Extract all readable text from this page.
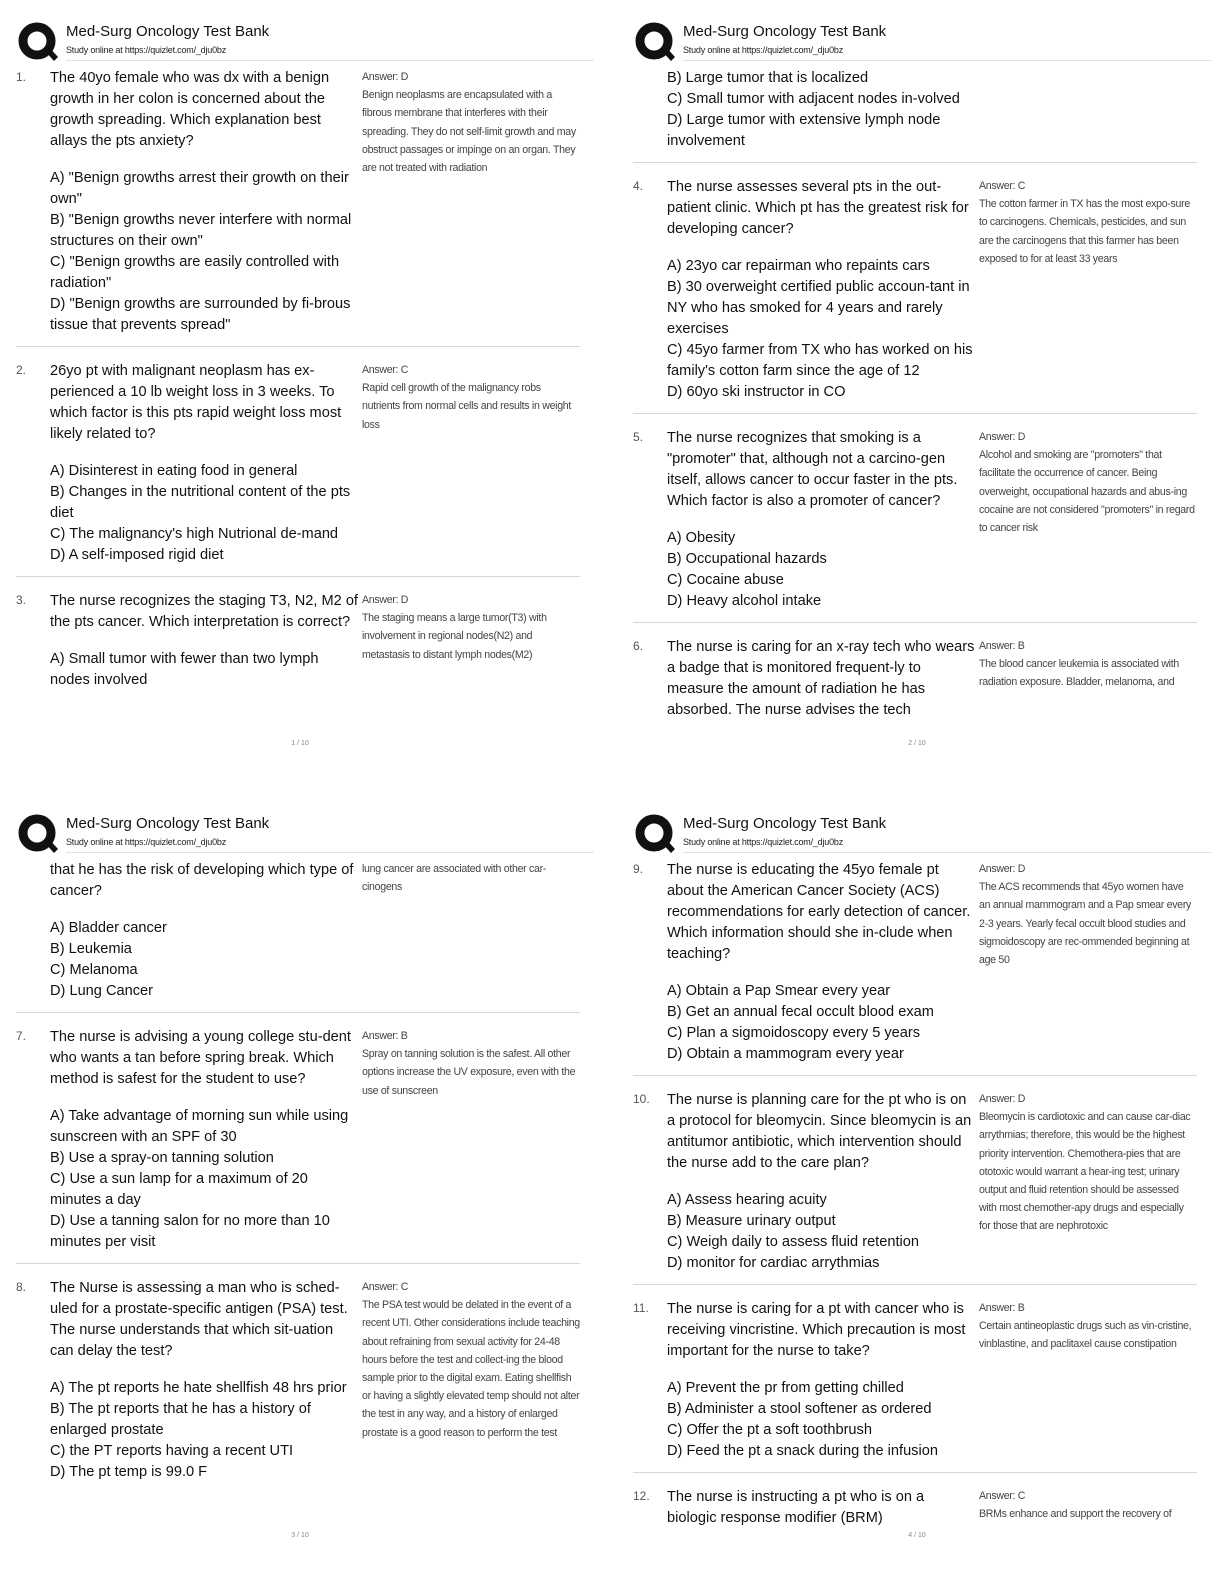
Med-Surg Oncology Test Bank
Study online at https://quizlet.com/_dju0bz
1.	The 40yo female who was dx with a benign growth in her colon is concerned about the growth spreading. Which explanation best allays the pts anxiety?
A) "Benign growths arrest their growth on their own"
B) "Benign growths never interfere with normal structures on their own"
C) "Benign growths are easily controlled with radiation"
D) "Benign growths are surrounded by fi-brous tissue that prevents spread"
Answer: D
Benign neoplasms are encapsulated with a fibrous membrane that interferes with their spreading. They do not self-limit growth and may obstruct passages or impinge on an organ. They are not treated with radiation
2.	26yo pt with malignant neoplasm has ex-perienced a 10 lb weight loss in 3 weeks. To which factor is this pts rapid weight loss most likely related to?
A) Disinterest in eating food in general
B) Changes in the nutritional content of the pts diet
C) The malignancy's high Nutrional de-mand
D) A self-imposed rigid diet
Answer: C
Rapid cell growth of the malignancy robs nutrients from normal cells and results in weight loss
3.	The nurse recognizes the staging T3, N2, M2 of the pts cancer. Which interpretation is correct?
A) Small tumor with fewer than two lymph nodes involved
Answer: D
The staging means a large tumor(T3) with involvement in regional nodes(N2) and metastasis to distant lymph nodes(M2)
1 / 10
Med-Surg Oncology Test Bank
Study online at https://quizlet.com/_dju0bz
B) Large tumor that is localized
C) Small tumor with adjacent nodes in-volved
D) Large tumor with extensive lymph node involvement
4.	The nurse assesses several pts in the out-patient clinic. Which pt has the greatest risk for developing cancer?
A) 23yo car repairman who repaints cars
B) 30 overweight certified public accoun-tant in NY who has smoked for 4 years and rarely exercises
C) 45yo farmer from TX who has worked on his family's cotton farm since the age of 12
D) 60yo ski instructor in CO
Answer: C
The cotton farmer in TX has the most expo-sure to carcinogens. Chemicals, pesticides, and sun are the carcinogens that this farmer has been exposed to for at least 33 years
5.	The nurse recognizes that smoking is a "promoter" that, although not a carcino-gen itself, allows cancer to occur faster in the pts. Which factor is also a promoter of cancer?
A) Obesity
B) Occupational hazards
C) Cocaine abuse
D) Heavy alcohol intake
Answer: D
Alcohol and smoking are "promoters" that facilitate the occurrence of cancer. Being overweight, occupational hazards and abus-ing cocaine are not considered "promoters" in regard to cancer risk
6.	The nurse is caring for an x-ray tech who wears a badge that is monitored frequent-ly to measure the amount of radiation he has absorbed. The nurse advises the tech
Answer: B
The blood cancer leukemia is associated with radiation exposure. Bladder, melanoma, and
2 / 10
Med-Surg Oncology Test Bank
Study online at https://quizlet.com/_dju0bz
that he has the risk of developing which type of cancer?
A) Bladder cancer
B) Leukemia
C) Melanoma
D) Lung Cancer
lung cancer are associated with other car-cinogens
7.	The nurse is advising a young college stu-dent who wants a tan before spring break. Which method is safest for the student to use?
A) Take advantage of morning sun while using sunscreen with an SPF of 30
B) Use a spray-on tanning solution
C) Use a sun lamp for a maximum of 20 minutes a day
D) Use a tanning salon for no more than 10 minutes per visit
Answer: B
Spray on tanning solution is the safest. All other options increase the UV exposure, even with the use of sunscreen
8.	The Nurse is assessing a man who is sched-uled for a prostate-specific antigen (PSA) test. The nurse understands that which sit-uation can delay the test?
A) The pt reports he hate shellfish 48 hrs prior
B) The pt reports that he has a history of enlarged prostate
C) the PT reports having a recent UTI
D) The pt temp is 99.0 F
Answer: C
The PSA test would be delated in the event of a recent UTI. Other considerations include teaching about refraining from sexual activity for 24-48 hours before the test and collect-ing the blood sample prior to the digital exam. Eating shellfish or having a slightly elevated temp should not alter the test in any way, and a history of enlarged prostate is a good reason to perform the test
3 / 10
Med-Surg Oncology Test Bank
Study online at https://quizlet.com/_dju0bz
9.	The nurse is educating the 45yo female pt about the American Cancer Society (ACS) recommendations for early detection of cancer. Which information should she in-clude when teaching?
A) Obtain a Pap Smear every year
B) Get an annual fecal occult blood exam
C) Plan a sigmoidoscopy every 5 years
D) Obtain a mammogram every year
Answer: D
The ACS recommends that 45yo women have an annual mammogram and a Pap smear every 2-3 years. Yearly fecal occult blood studies and sigmoidoscopy are rec-ommended beginning at age 50
10.	The nurse is planning care for the pt who is on a protocol for bleomycin. Since bleomycin is an antitumor antibiotic, which intervention should the nurse add to the care plan?
A) Assess hearing acuity
B) Measure urinary output
C) Weigh daily to assess fluid retention
D) monitor for cardiac arrythmias
Answer: D
Bleomycin is cardiotoxic and can cause car-diac arrythmias; therefore, this would be the highest priority intervention. Chemothera-pies that are ototoxic would warrant a hear-ing test; urinary output and fluid retention should be assessed with most chemother-apy drugs and especially for those that are nephrotoxic
11.	The nurse is caring for a pt with cancer who is receiving vincristine. Which precaution is most important for the nurse to take?
A) Prevent the pr from getting chilled
B) Administer a stool softener as ordered
C) Offer the pt a soft toothbrush
D) Feed the pt a snack during the infusion
Answer: B
Certain antineoplastic drugs such as vin-cristine, vinblastine, and paclitaxel cause constipation
12.	The nurse is instructing a pt who is on a biologic response modifier (BRM)
Answer: C
BRMs enhance and support the recovery of
4 / 10
